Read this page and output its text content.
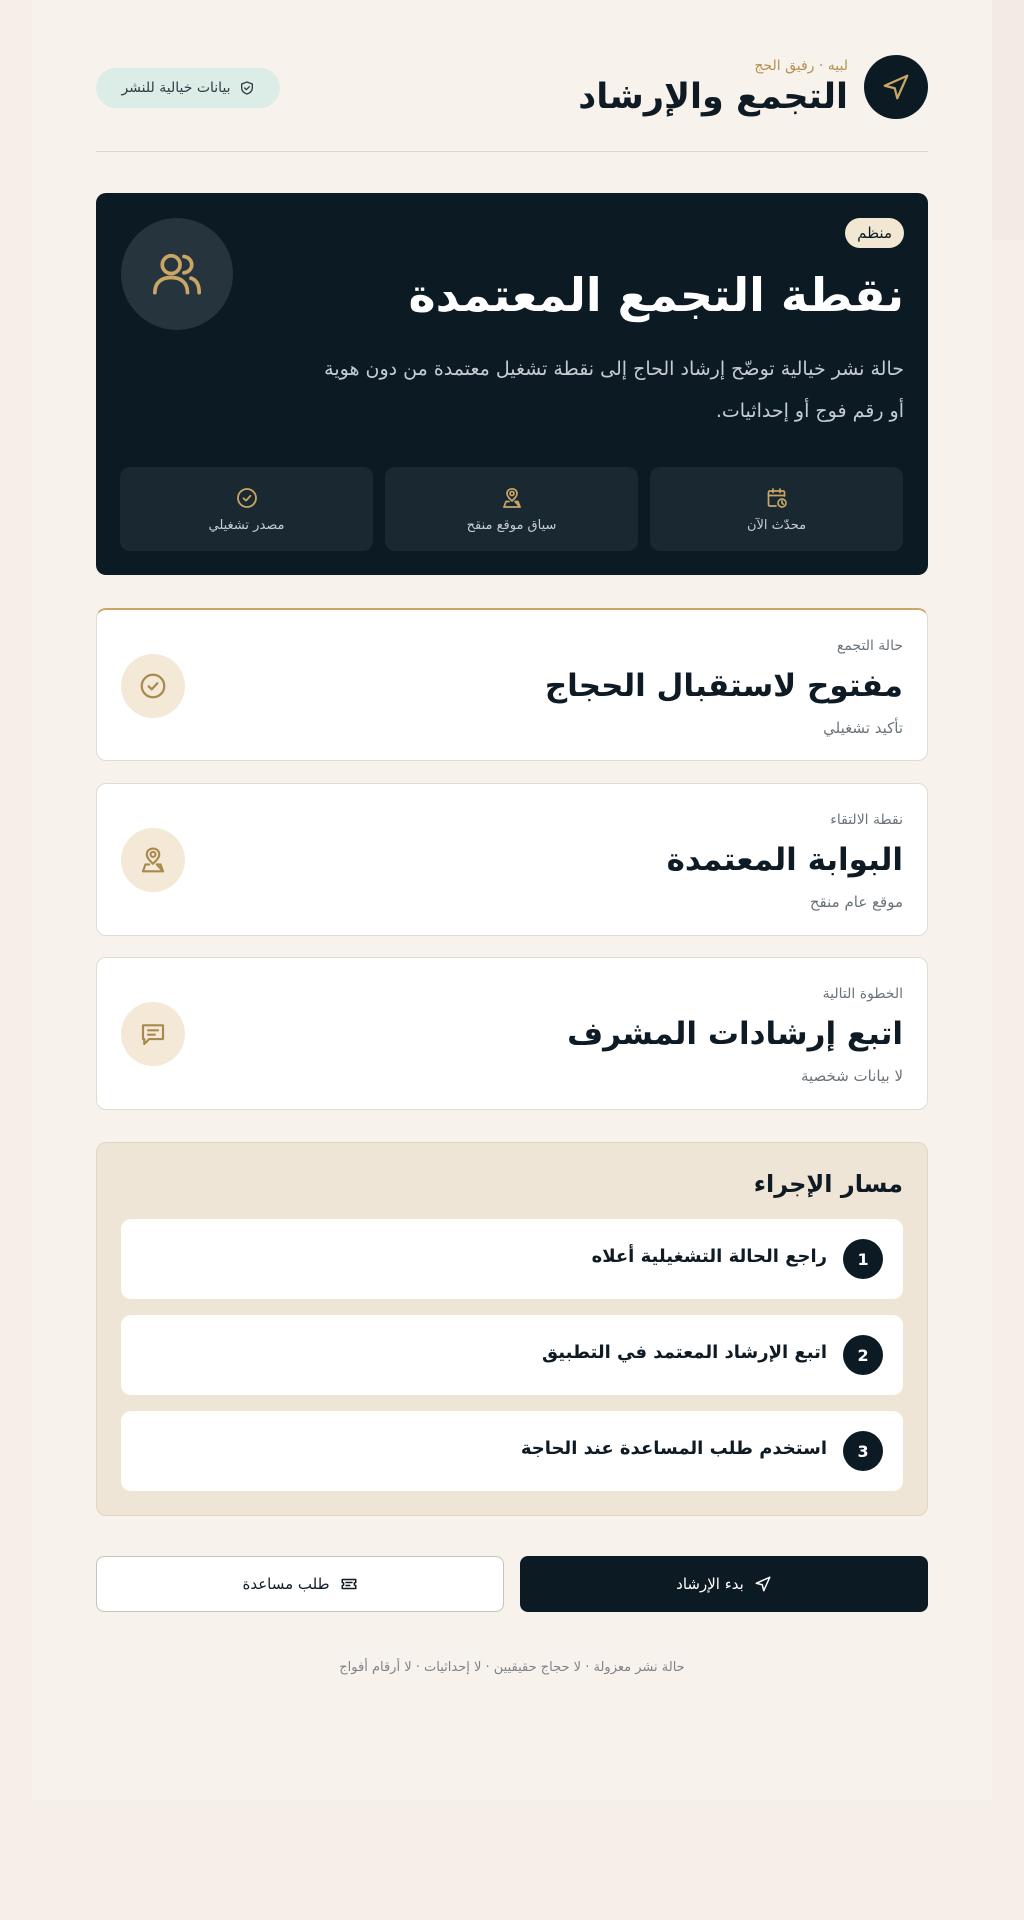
لبيه · رفيق الحج
التجمع والإرشاد
بيانات خيالية للنشر
منظم
نقطة التجمع المعتمدة
حالة نشر خيالية توضّح إرشاد الحاج إلى نقطة تشغيل معتمدة من دون هوية
أو رقم فوج أو إحداثيات.
محدّث الآن
سياق موقع منقح
مصدر تشغيلي
حالة التجمع
مفتوح لاستقبال الحجاج
تأكيد تشغيلي
نقطة الالتقاء
البوابة المعتمدة
موقع عام منقح
الخطوة التالية
اتبع إرشادات المشرف
لا بيانات شخصية
مسار الإجراء
1
راجع الحالة التشغيلية أعلاه
2
اتبع الإرشاد المعتمد في التطبيق
3
استخدم طلب المساعدة عند الحاجة
بدء الإرشاد
طلب مساعدة
حالة نشر معزولة · لا حجاج حقيقيين · لا إحداثيات · لا أرقام أفواج
